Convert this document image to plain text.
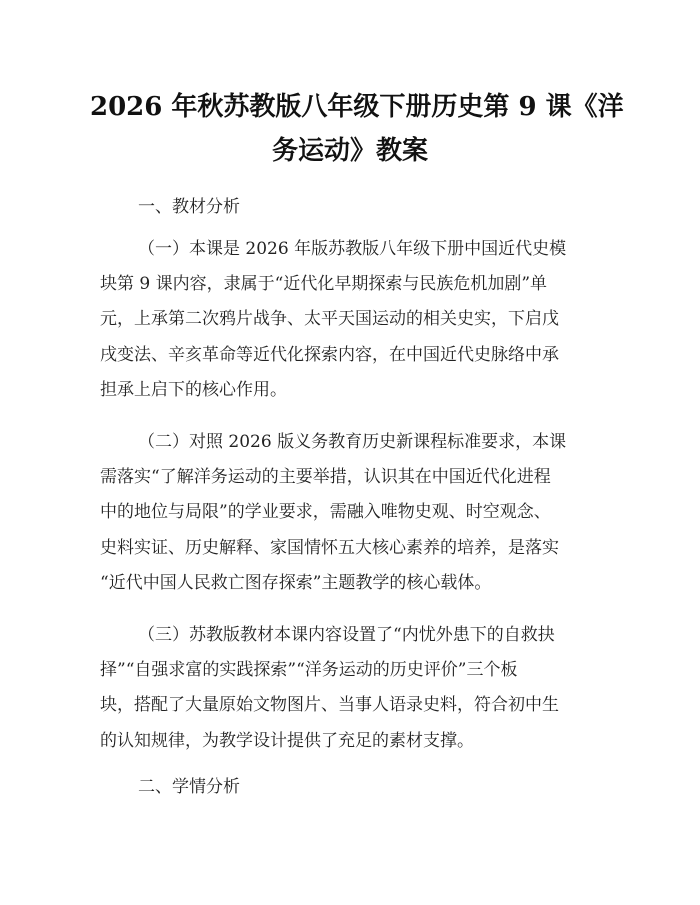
2026 年秋苏教版八年级下册历史第 9 课《洋
务运动》教案
一、教材分析
（一）本课是 2026 年版苏教版八年级下册中国近代史模
块第 9 课内容，隶属于“近代化早期探索与民族危机加剧”单
元，上承第二次鸦片战争、太平天国运动的相关史实，下启戊
戌变法、辛亥革命等近代化探索内容，在中国近代史脉络中承
担承上启下的核心作用。
（二）对照 2026 版义务教育历史新课程标准要求，本课
需落实“了解洋务运动的主要举措，认识其在中国近代化进程
中的地位与局限”的学业要求，需融入唯物史观、时空观念、
史料实证、历史解释、家国情怀五大核心素养的培养，是落实
“近代中国人民救亡图存探索”主题教学的核心载体。
（三）苏教版教材本课内容设置了“内忧外患下的自救抉
择”“自强求富的实践探索”“洋务运动的历史评价”三个板
块，搭配了大量原始文物图片、当事人语录史料，符合初中生
的认知规律，为教学设计提供了充足的素材支撑。
二、学情分析
